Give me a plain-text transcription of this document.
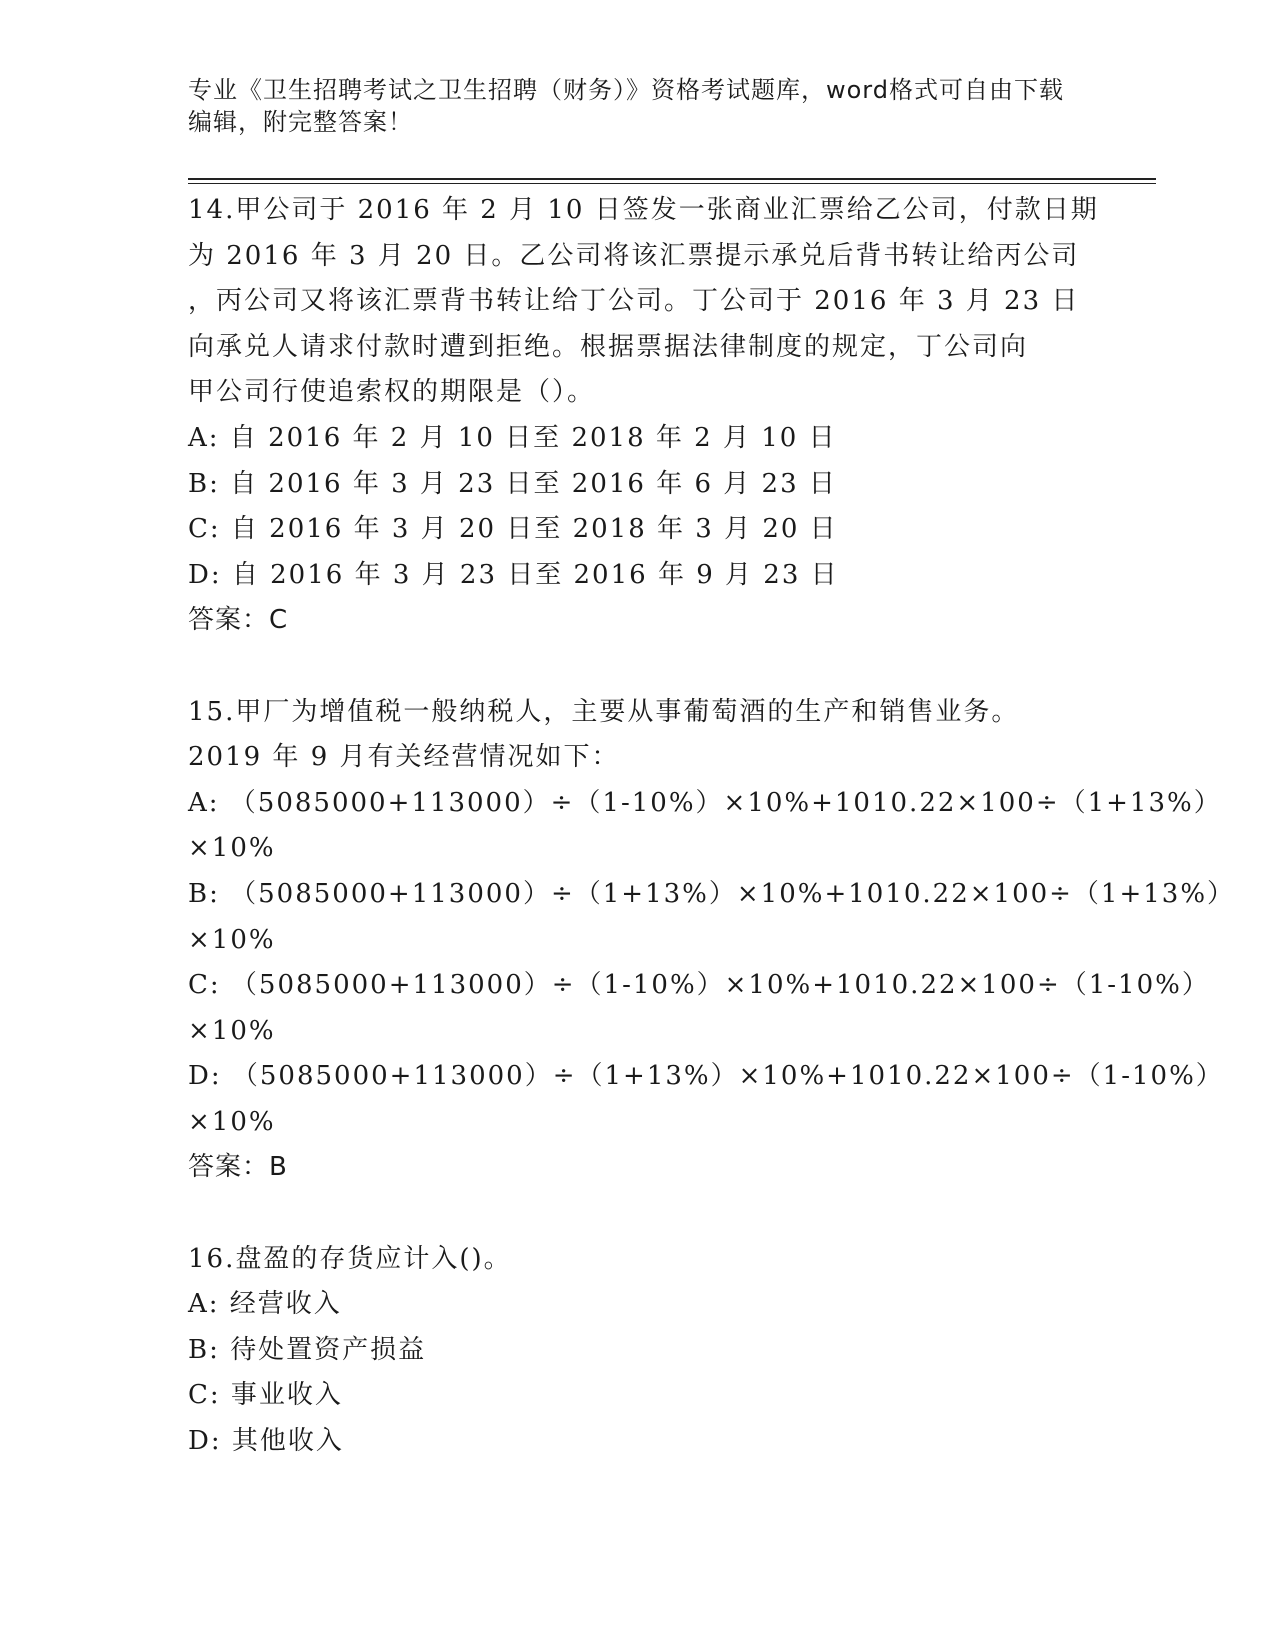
专业《卫生招聘考试之卫生招聘（财务）》资格考试题库，word格式可自由下载
编辑，附完整答案！
14.甲公司于 2016 年 2 月 10 日签发一张商业汇票给乙公司，付款日期
为 2016 年 3 月 20 日。乙公司将该汇票提示承兑后背书转让给丙公司
，丙公司又将该汇票背书转让给丁公司。丁公司于 2016 年 3 月 23 日
向承兑人请求付款时遭到拒绝。根据票据法律制度的规定，丁公司向
甲公司行使追索权的期限是（）。
A: 自 2016 年 2 月 10 日至 2018 年 2 月 10 日
B: 自 2016 年 3 月 23 日至 2016 年 6 月 23 日
C: 自 2016 年 3 月 20 日至 2018 年 3 月 20 日
D: 自 2016 年 3 月 23 日至 2016 年 9 月 23 日
答案：C
15.甲厂为增值税一般纳税人，主要从事葡萄酒的生产和销售业务。
2019 年 9 月有关经营情况如下：
A: （5085000+113000）÷（1-10%）×10%+1010.22×100÷（1+13%）
×10%
B: （5085000+113000）÷（1+13%）×10%+1010.22×100÷（1+13%）
×10%
C: （5085000+113000）÷（1-10%）×10%+1010.22×100÷（1-10%）
×10%
D: （5085000+113000）÷（1+13%）×10%+1010.22×100÷（1-10%）
×10%
答案：B
16.盘盈的存货应计入()。
A: 经营收入
B: 待处置资产损益
C: 事业收入
D: 其他收入
